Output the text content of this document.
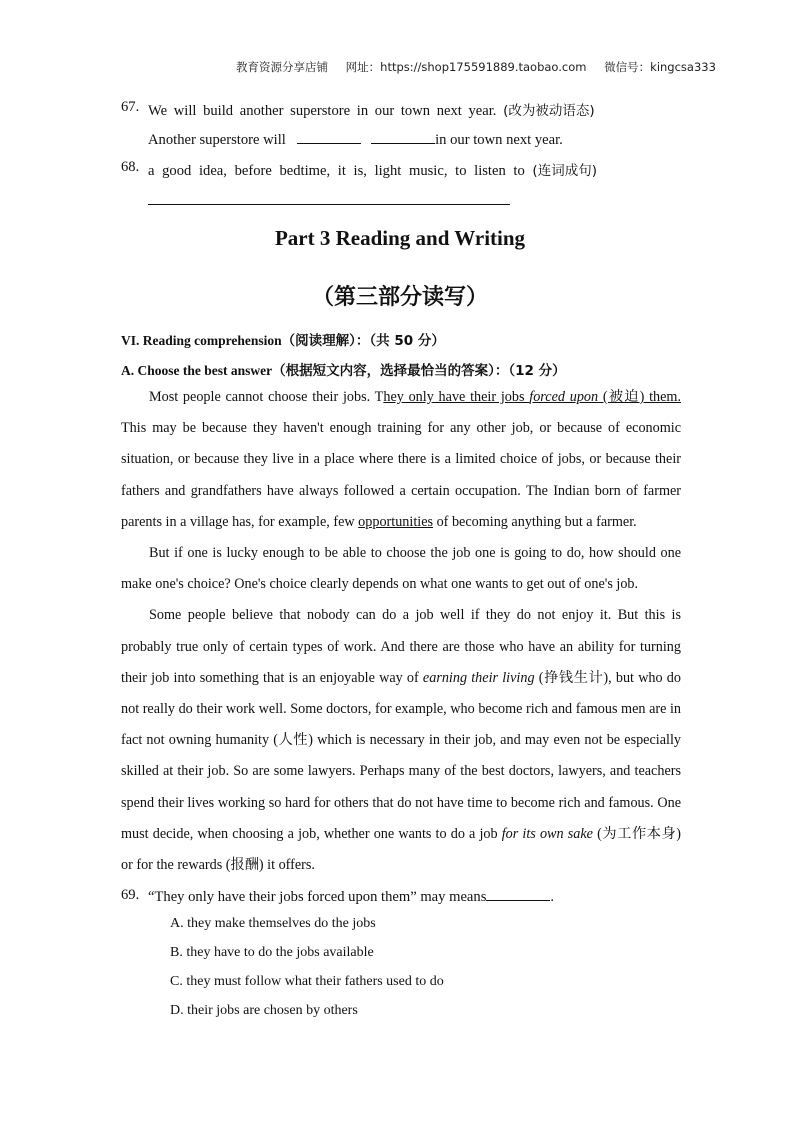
教育资源分享店铺 网址：https://shop175591889.taobao.com 微信号：kingcsa333
67. We will build another superstore in our town next year. (改为被动语态)
Another superstore will	in our town next year.
68. a good idea, before bedtime, it is, light music, to listen to (连词成句)
Part 3 Reading and Writing
（第三部分读写）
VI. Reading comprehension（阅读理解）：（共 50 分）
A. Choose the best answer（根据短文内容，选择最恰当的答案）：（12 分）

Most people cannot choose their jobs. They only have their jobs forced upon (被迫) them. This may be because they haven't enough training for any other job, or because of economic situation, or because they live in a place where there is a limited choice of jobs, or because their fathers and grandfathers have always followed a certain occupation. The Indian born of farmer parents in a village has, for example, few opportunities of becoming anything but a farmer.

But if one is lucky enough to be able to choose the job one is going to do, how should one make one's choice? One's choice clearly depends on what one wants to get out of one's job.

Some people believe that nobody can do a job well if they do not enjoy it. But this is probably true only of certain types of work. And there are those who have an ability for turning their job into something that is an enjoyable way of earning their living (挣钱生计), but who do not really do their work well. Some doctors, for example, who become rich and famous men are in fact not owning humanity (人性) which is necessary in their job, and may even not be especially skilled at their job. So are some lawyers. Perhaps many of the best doctors, lawyers, and teachers spend their lives working so hard for others that do not have time to become rich and famous. One must decide, when choosing a job, whether one wants to do a job for its own sake (为工作本身) or for the rewards (报酬) it offers.

69. “They only have their jobs forced upon them” may means	.
A. they make themselves do the jobs
B. they have to do the jobs available
C. they must follow what their fathers used to do
D. their jobs are chosen by others
